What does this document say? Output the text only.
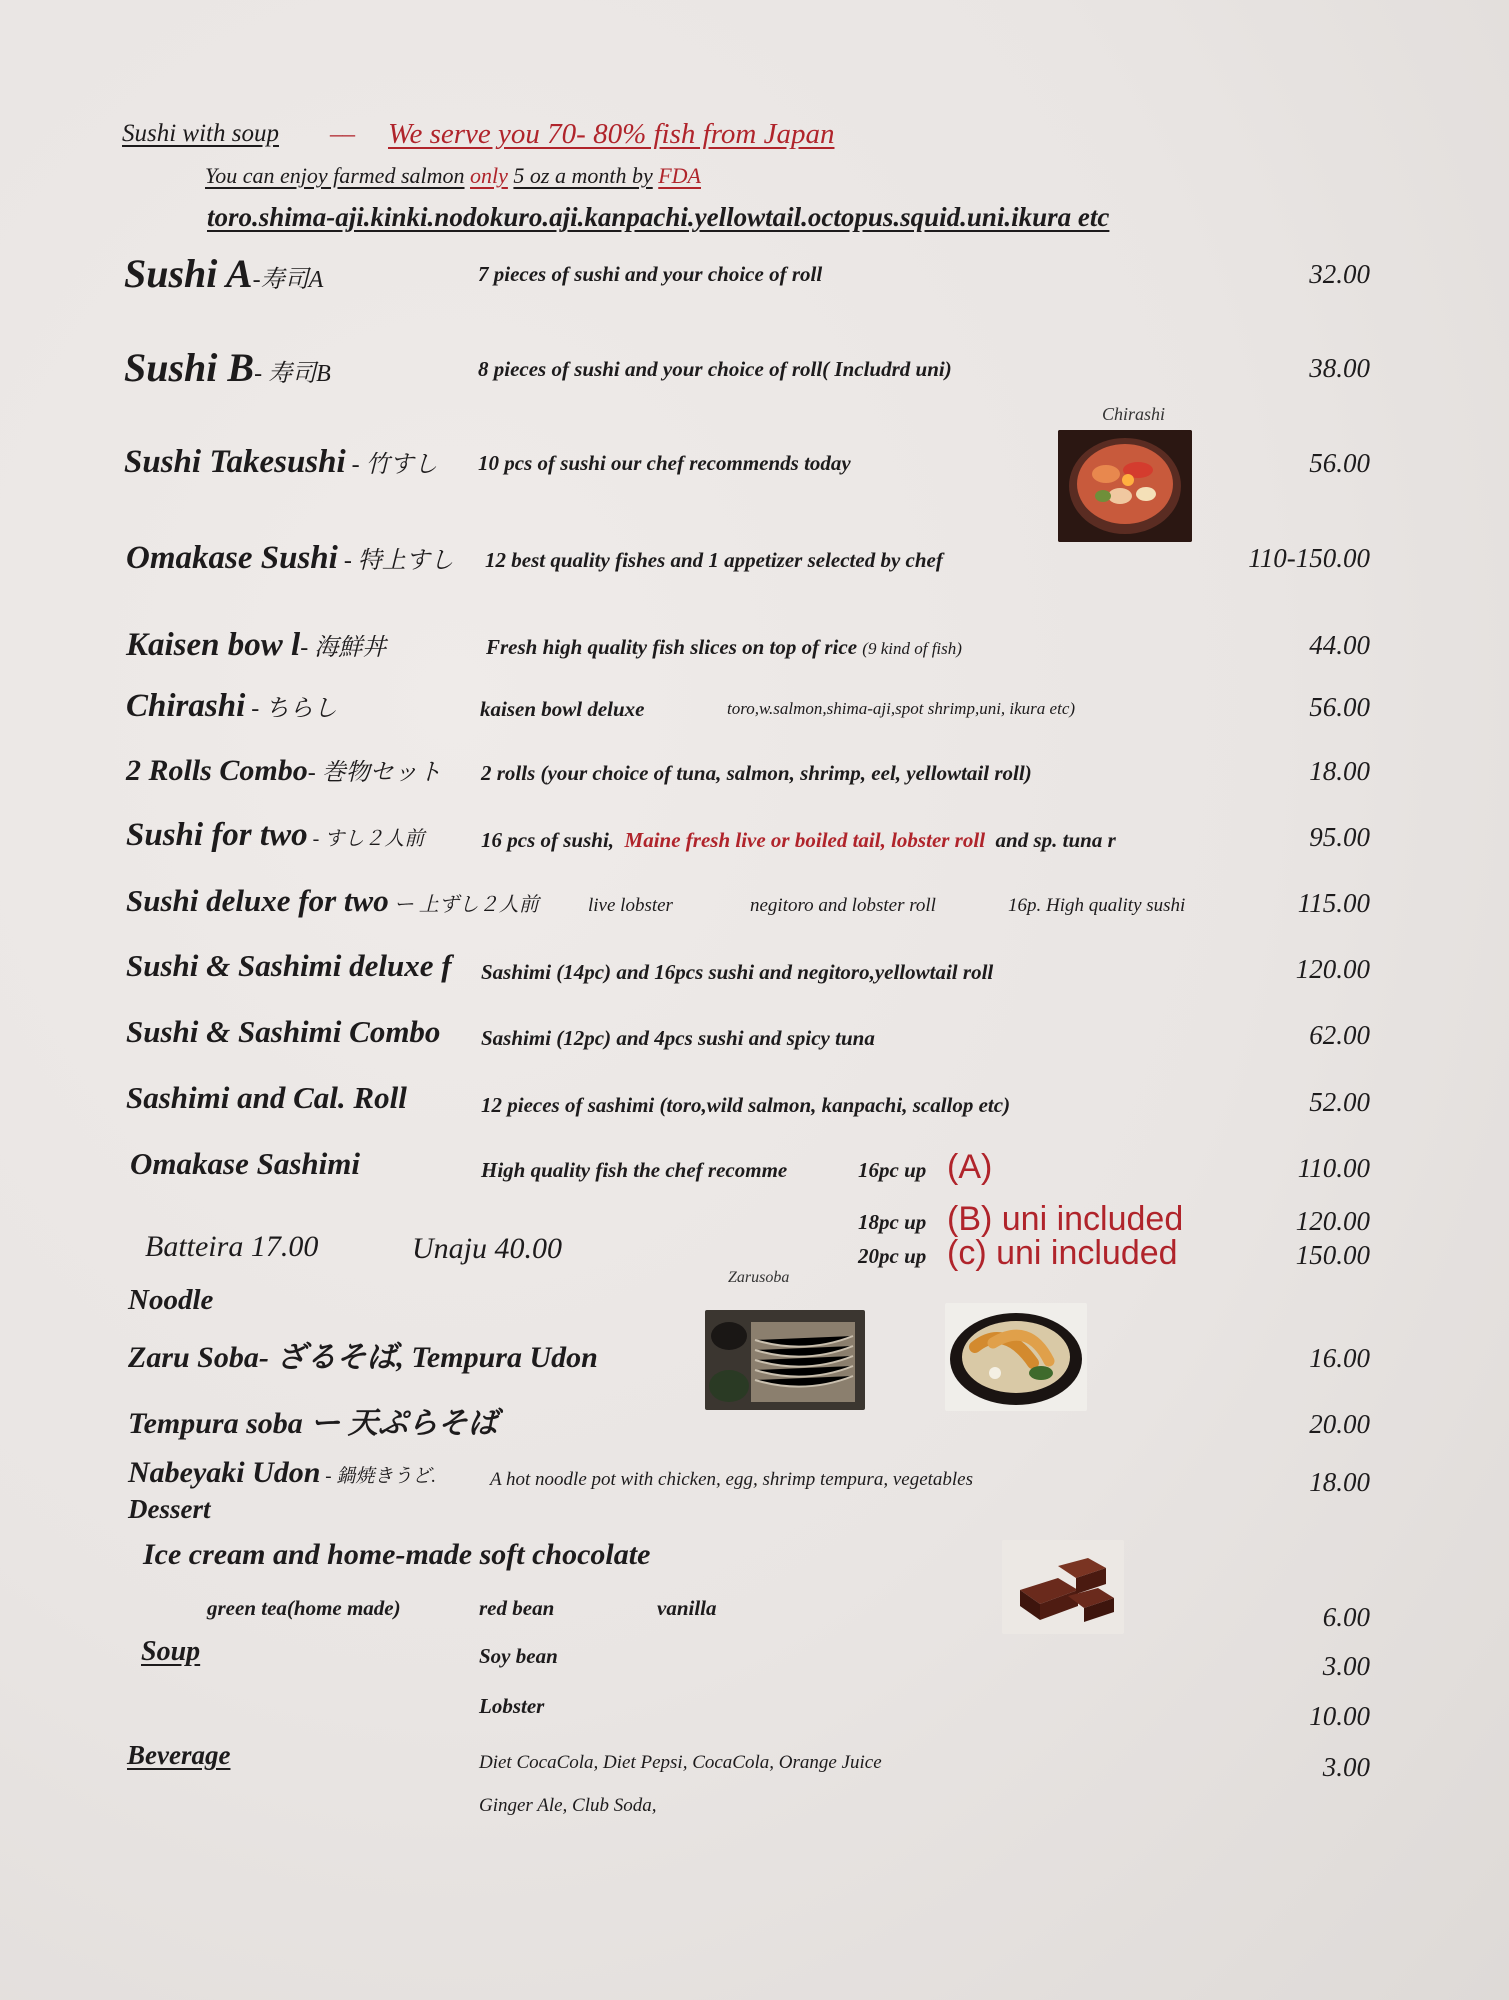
Sushi with soup __ We serve you 70- 80% fish from Japan
You can enjoy farmed salmon only 5 oz a month by FDA
toro.shima-aji.kinki.nodokuro.aji.kanpachi.yellowtail.octopus.squid.uni.ikura etc
Sushi A-寿司A	7 pieces of sushi and your choice of roll	32.00
Sushi B- 寿司B	8 pieces of sushi and your choice of roll( Includrd uni)	38.00
Chirashi
Sushi Takesushi - 竹すし 10 pcs of sushi our chef recommends today	56.00
Omakase Sushi - 特上すし 12 best quality fishes and 1 appetizer selected by chef	110-150.00
Kaisen bow l- 海鮮丼	Fresh high quality fish slices on top of rice (9 kind of fish)	44.00
Chirashi - ちらし	kaisen bowl deluxe	toro,w.salmon,shima-aji,spot shrimp,uni, ikura etc)	56.00
2 Rolls Combo- 巻物セット 2 rolls (your choice of tuna, salmon, shrimp, eel, yellowtail roll)	18.00
Sushi for two - すし２人前	16 pcs of sushi, Maine fresh live or boiled tail, lobster roll and sp. tuna r	95.00
Sushi deluxe for two ー 上ずし２人前	live lobster	negitoro and lobster roll	16p. High quality sushi	115.00
Sushi & Sashimi deluxe f	Sashimi (14pc) and 16pcs sushi and negitoro,yellowtail roll	120.00
Sushi & Sashimi Combo Sashimi (12pc) and 4pcs sushi and spicy tuna	62.00
Sashimi and Cal. Roll	12 pieces of sashimi (toro,wild salmon, kanpachi, scallop etc)	52.00
Omakase Sashimi	High quality fish the chef recomme	16pc up (A)	110.00
18pc up (B) uni included	120.00
20pc up (c) uni included	150.00
Batteira 17.00	Unaju 40.00
Noodle
Zarusoba
Zaru Soba- ざるそば, Tempura Udon	16.00
Tempura soba ー 天ぷらそば	20.00
Nabeyaki Udon - 鍋焼きうど.	A hot noodle pot with chicken, egg, shrimp tempura, vegetables	18.00
Dessert
Ice cream and home-made soft chocolate
green tea(home made)	red bean	vanilla	6.00
Soup	Soy bean	3.00
Lobster	10.00
Beverage	Diet CocaCola, Diet Pepsi, CocaCola, Orange Juice	3.00
Ginger Ale, Club Soda,
